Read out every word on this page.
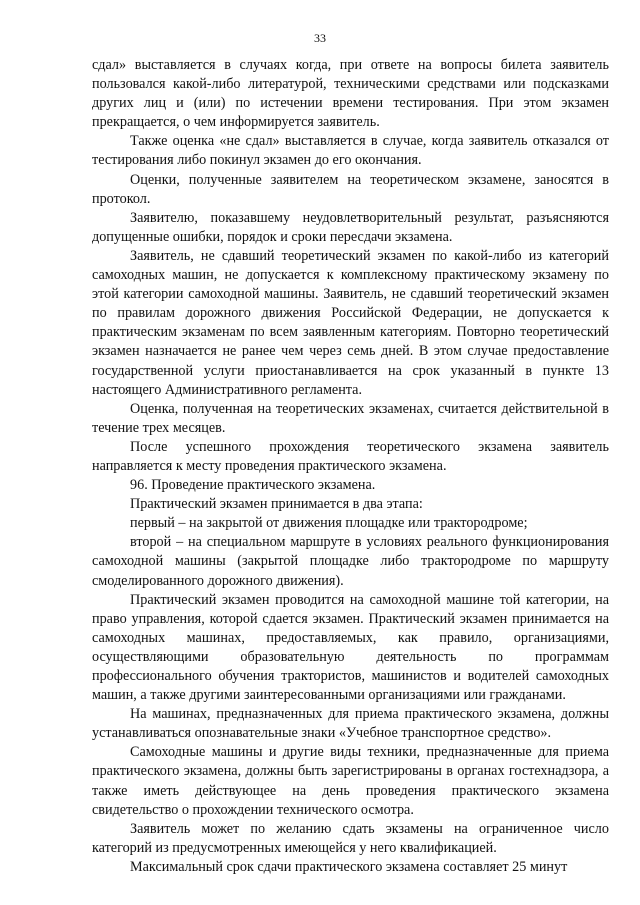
33

сдал» выставляется в случаях когда, при ответе на вопросы билета заявитель пользовался какой-либо литературой, техническими средствами или подсказками других лиц и (или) по истечении времени тестирования. При этом экзамен прекращается, о чем информируется заявитель.

Также оценка «не сдал» выставляется в случае, когда заявитель отказался от тестирования либо покинул экзамен до его окончания.

Оценки, полученные заявителем на теоретическом экзамене, заносятся в протокол.

Заявителю, показавшему неудовлетворительный результат, разъясняются допущенные ошибки, порядок и сроки пересдачи экзамена.

Заявитель, не сдавший теоретический экзамен по какой-либо из категорий самоходных машин, не допускается к комплексному практическому экзамену по этой категории самоходной машины. Заявитель, не сдавший теоретический экзамен по правилам дорожного движения Российской Федерации, не допускается к практическим экзаменам по всем заявленным категориям. Повторно теоретический экзамен назначается не ранее чем через семь дней. В этом случае предоставление государственной услуги приостанавливается на срок указанный в пункте 13 настоящего Административного регламента.

Оценка, полученная на теоретических экзаменах, считается действительной в течение трех месяцев.

После успешного прохождения теоретического экзамена заявитель направляется к месту проведения практического экзамена.

96. Проведение практического экзамена.

Практический экзамен принимается в два этапа:

первый – на закрытой от движения площадке или трактородроме;

второй – на специальном маршруте в условиях реального функционирования самоходной машины (закрытой площадке либо трактородроме по маршруту смоделированного дорожного движения).

Практический экзамен проводится на самоходной машине той категории, на право управления, которой сдается экзамен. Практический экзамен принимается на самоходных машинах, предоставляемых, как правило, организациями, осуществляющими образовательную деятельность по программам профессионального обучения трактористов, машинистов и водителей самоходных машин, а также другими заинтересованными организациями или гражданами.

На машинах, предназначенных для приема практического экзамена, должны устанавливаться опознавательные знаки «Учебное транспортное средство».

Самоходные машины и другие виды техники, предназначенные для приема практического экзамена, должны быть зарегистрированы в органах гостехнадзора, а также иметь действующее на день проведения практического экзамена свидетельство о прохождении технического осмотра.

Заявитель может по желанию сдать экзамены на ограниченное число категорий из предусмотренных имеющейся у него квалификацией.

Максимальный срок сдачи практического экзамена составляет 25 минут
